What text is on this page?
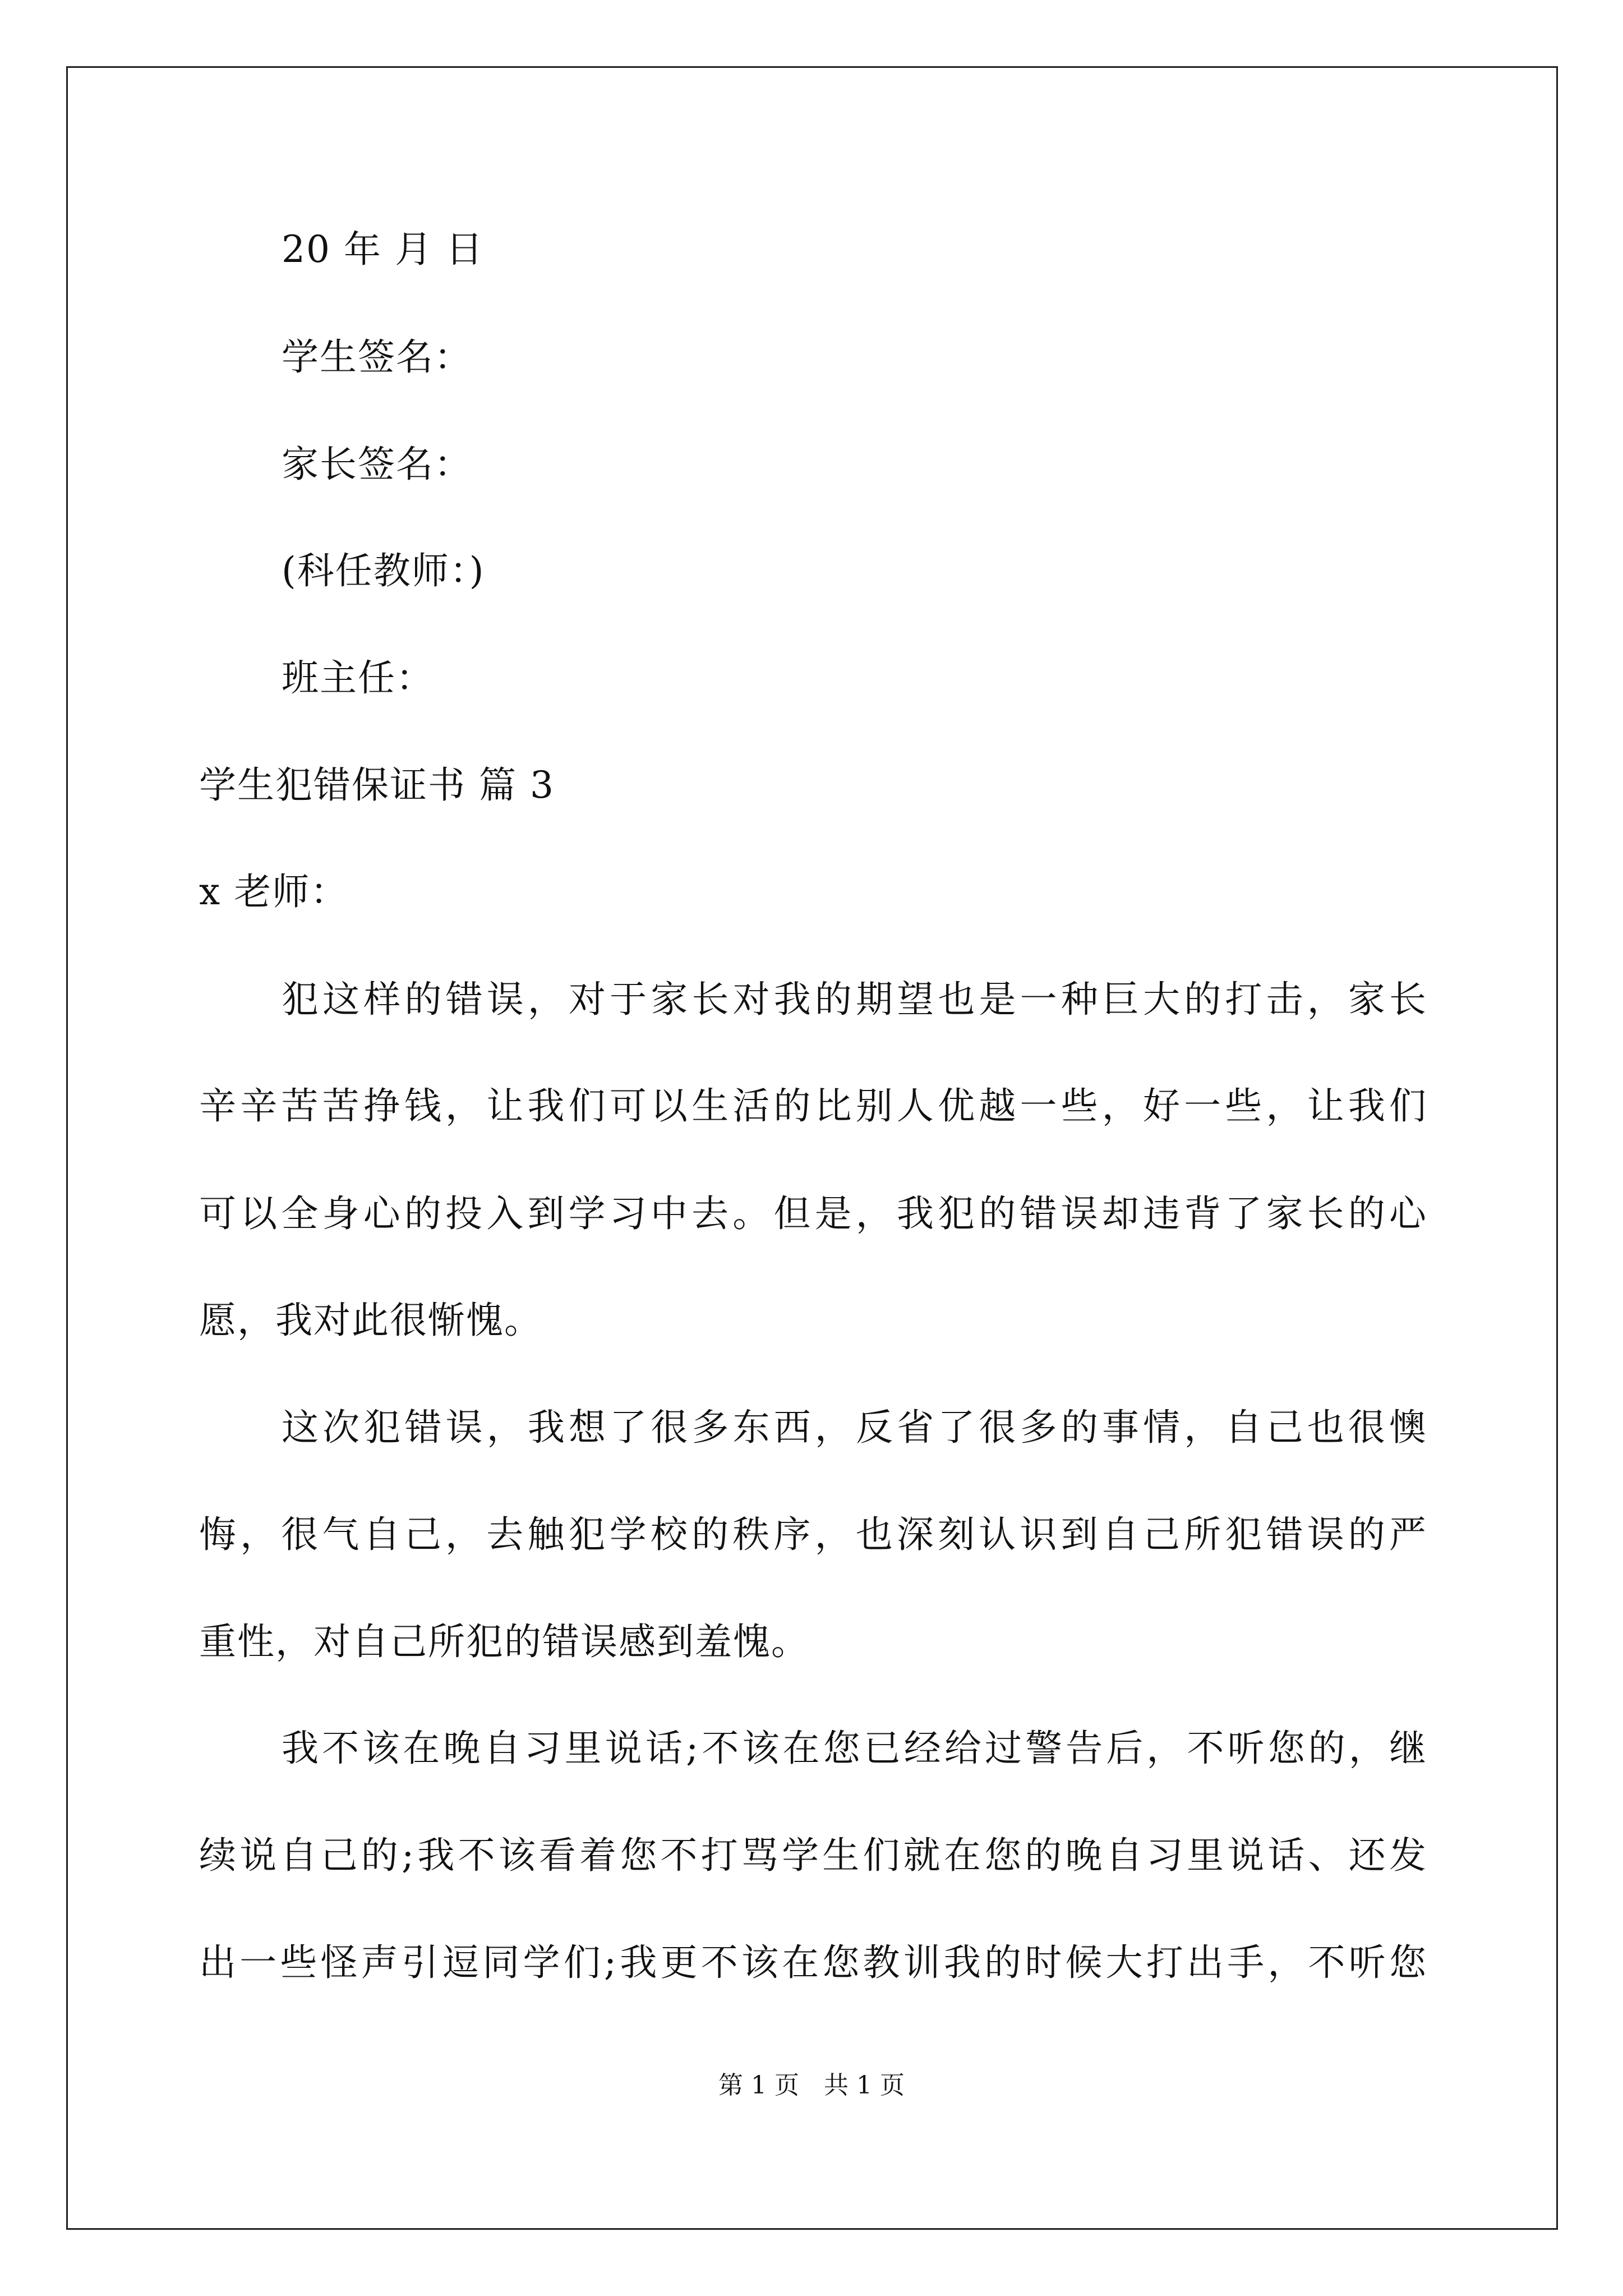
20 年 月 日
学生签名：
家长签名：
(科任教师：)
班主任：
学生犯错保证书 篇 3
x 老师：
犯这样的错误，对于家长对我的期望也是一种巨大的打击，家长
辛辛苦苦挣钱，让我们可以生活的比别人优越一些，好一些，让我们
可以全身心的投入到学习中去。但是，我犯的错误却违背了家长的心
愿，我对此很惭愧。
这次犯错误，我想了很多东西，反省了很多的事情，自己也很懊
悔，很气自己，去触犯学校的秩序，也深刻认识到自己所犯错误的严
重性，对自己所犯的错误感到羞愧。
我不该在晚自习里说话;不该在您已经给过警告后，不听您的，继
续说自己的;我不该看着您不打骂学生们就在您的晚自习里说话、还发
出一些怪声引逗同学们;我更不该在您教训我的时候大打出手，不听您
第 1 页　共 1 页
